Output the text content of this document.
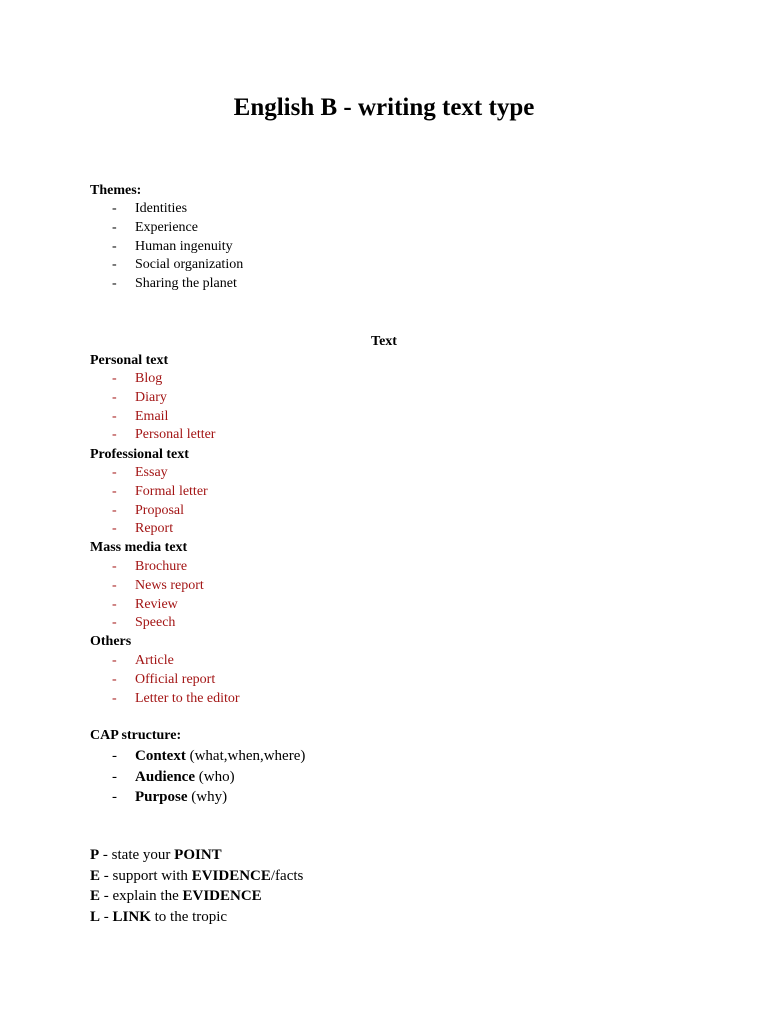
English B - writing text type
Themes:
- Identities
- Experience
- Human ingenuity
- Social organization
- Sharing the planet
Text
Personal text
- Blog
- Diary
- Email
- Personal letter
Professional text
- Essay
- Formal letter
- Proposal
- Report
Mass media text
- Brochure
- News report
- Review
- Speech
Others
- Article
- Official report
- Letter to the editor
CAP structure:
- Context (what,when,where)
- Audience (who)
- Purpose (why)
P - state your POINT
E - support with EVIDENCE/facts
E - explain the EVIDENCE
L - LINK to the tropic
